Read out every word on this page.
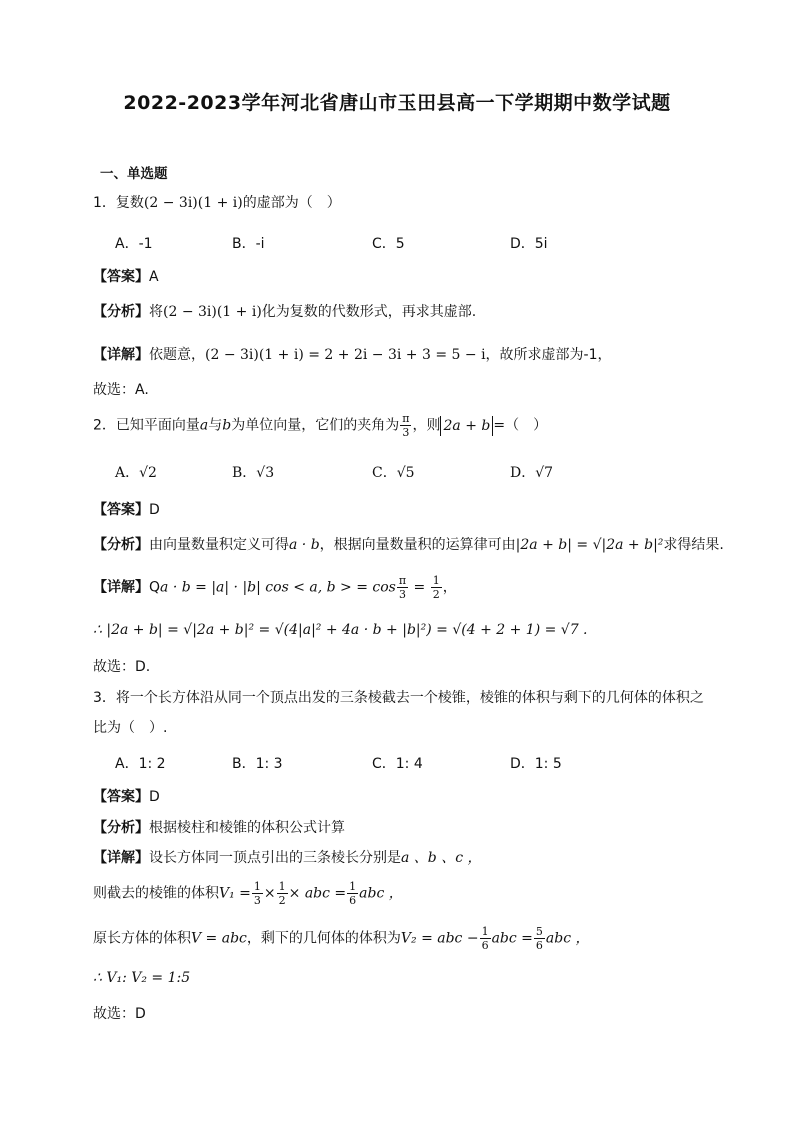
2022-2023学年河北省唐山市玉田县高一下学期期中数学试题
一、单选题
1．复数(2 − 3i)(1 + i)的虚部为（　）
A．-1	B．-i	C．5	D．5i
【答案】A
【分析】将(2 − 3i)(1 + i)化为复数的代数形式，再求其虚部.
【详解】依题意，(2 − 3i)(1 + i) = 2 + 2i − 3i + 3 = 5 − i，故所求虚部为-1，
故选：A.
2．已知平面向量a与b为单位向量，它们的夹角为 $\frac{\pi}{3}$ ，则 2a + b =（　）
A．√2	B．√3	C．√5	D．√7
【答案】D
【分析】由向量数量积定义可得a · b，根据向量数量积的运算律可由|2a + b| = √|2a + b|²求得结果.
【详解】Qa · b = |a| · |b| cos < a, b > = $\cos \frac{\pi}{3} = \frac{1}{2}$ ，
∴ |2a + b| = √|2a + b|² = √(4|a|² + 4a · b + |b|²) = √(4 + 2 + 1) = √7 .
故选：D.
3．将一个长方体沿从同一个顶点出发的三条棱截去一个棱锥，棱锥的体积与剩下的几何体的体积之
比为（　）.
A．1: 2	B．1: 3	C．1: 4	D．1: 5
【答案】D
【分析】根据棱柱和棱锥的体积公式计算
【详解】设长方体同一顶点引出的三条棱长分别是a 、b 、c ，
则截去的棱锥的体积$V_1 = \frac{1}{3} \times \frac{1}{2}$ × abc = $\frac{1}{6}$ abc ，
原长方体的体积V = abc，剩下的几何体的体积为V₂ = abc − $\frac{1}{6}$ abc = $\frac{5}{6}$ abc ，
∴ V₁: V₂ = 1:5
故选：D
